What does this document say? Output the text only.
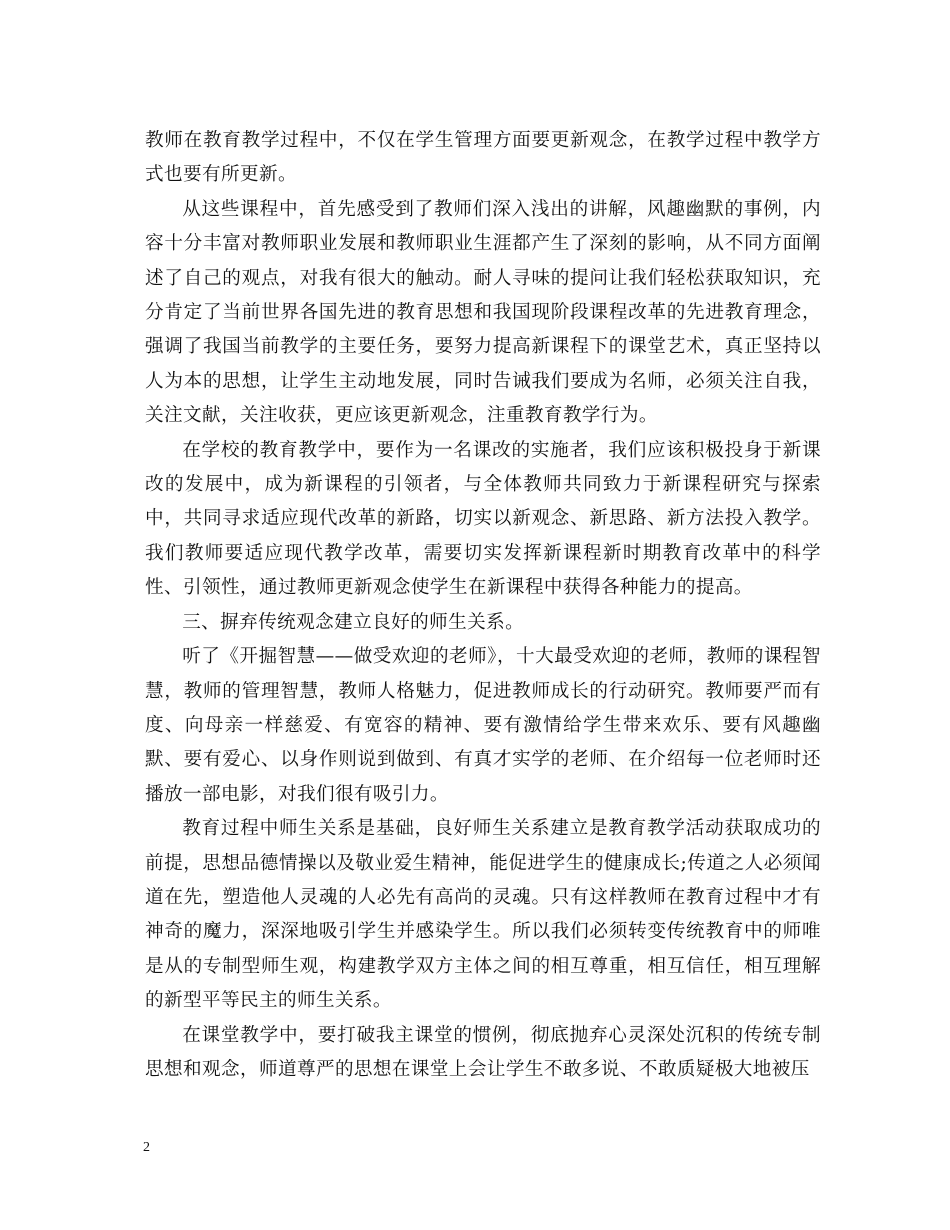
教师在教育教学过程中，不仅在学生管理方面要更新观念，在教学过程中教学方式也要有所更新。

从这些课程中，首先感受到了教师们深入浅出的讲解，风趣幽默的事例，内容十分丰富对教师职业发展和教师职业生涯都产生了深刻的影响，从不同方面阐述了自己的观点，对我有很大的触动。耐人寻味的提问让我们轻松获取知识，充分肯定了当前世界各国先进的教育思想和我国现阶段课程改革的先进教育理念，强调了我国当前教学的主要任务，要努力提高新课程下的课堂艺术，真正坚持以人为本的思想，让学生主动地发展，同时告诫我们要成为名师，必须关注自我，关注文献，关注收获，更应该更新观念，注重教育教学行为。

在学校的教育教学中，要作为一名课改的实施者，我们应该积极投身于新课改的发展中，成为新课程的引领者，与全体教师共同致力于新课程研究与探索中，共同寻求适应现代改革的新路，切实以新观念、新思路、新方法投入教学。我们教师要适应现代教学改革，需要切实发挥新课程新时期教育改革中的科学性、引领性，通过教师更新观念使学生在新课程中获得各种能力的提高。

三、摒弃传统观念建立良好的师生关系。

听了《开掘智慧——做受欢迎的老师》，十大最受欢迎的老师，教师的课程智慧，教师的管理智慧，教师人格魅力，促进教师成长的行动研究。教师要严而有度、向母亲一样慈爱、有宽容的精神、要有激情给学生带来欢乐、要有风趣幽默、要有爱心、以身作则说到做到、有真才实学的老师、在介绍每一位老师时还播放一部电影，对我们很有吸引力。

教育过程中师生关系是基础，良好师生关系建立是教育教学活动获取成功的前提，思想品德情操以及敬业爱生精神，能促进学生的健康成长;传道之人必须闻道在先，塑造他人灵魂的人必先有高尚的灵魂。只有这样教师在教育过程中才有神奇的魔力，深深地吸引学生并感染学生。所以我们必须转变传统教育中的师唯是从的专制型师生观，构建教学双方主体之间的相互尊重，相互信任，相互理解的新型平等民主的师生关系。

在课堂教学中，要打破我主课堂的惯例，彻底抛弃心灵深处沉积的传统专制思想和观念，师道尊严的思想在课堂上会让学生不敢多说、不敢质疑极大地被压

2
